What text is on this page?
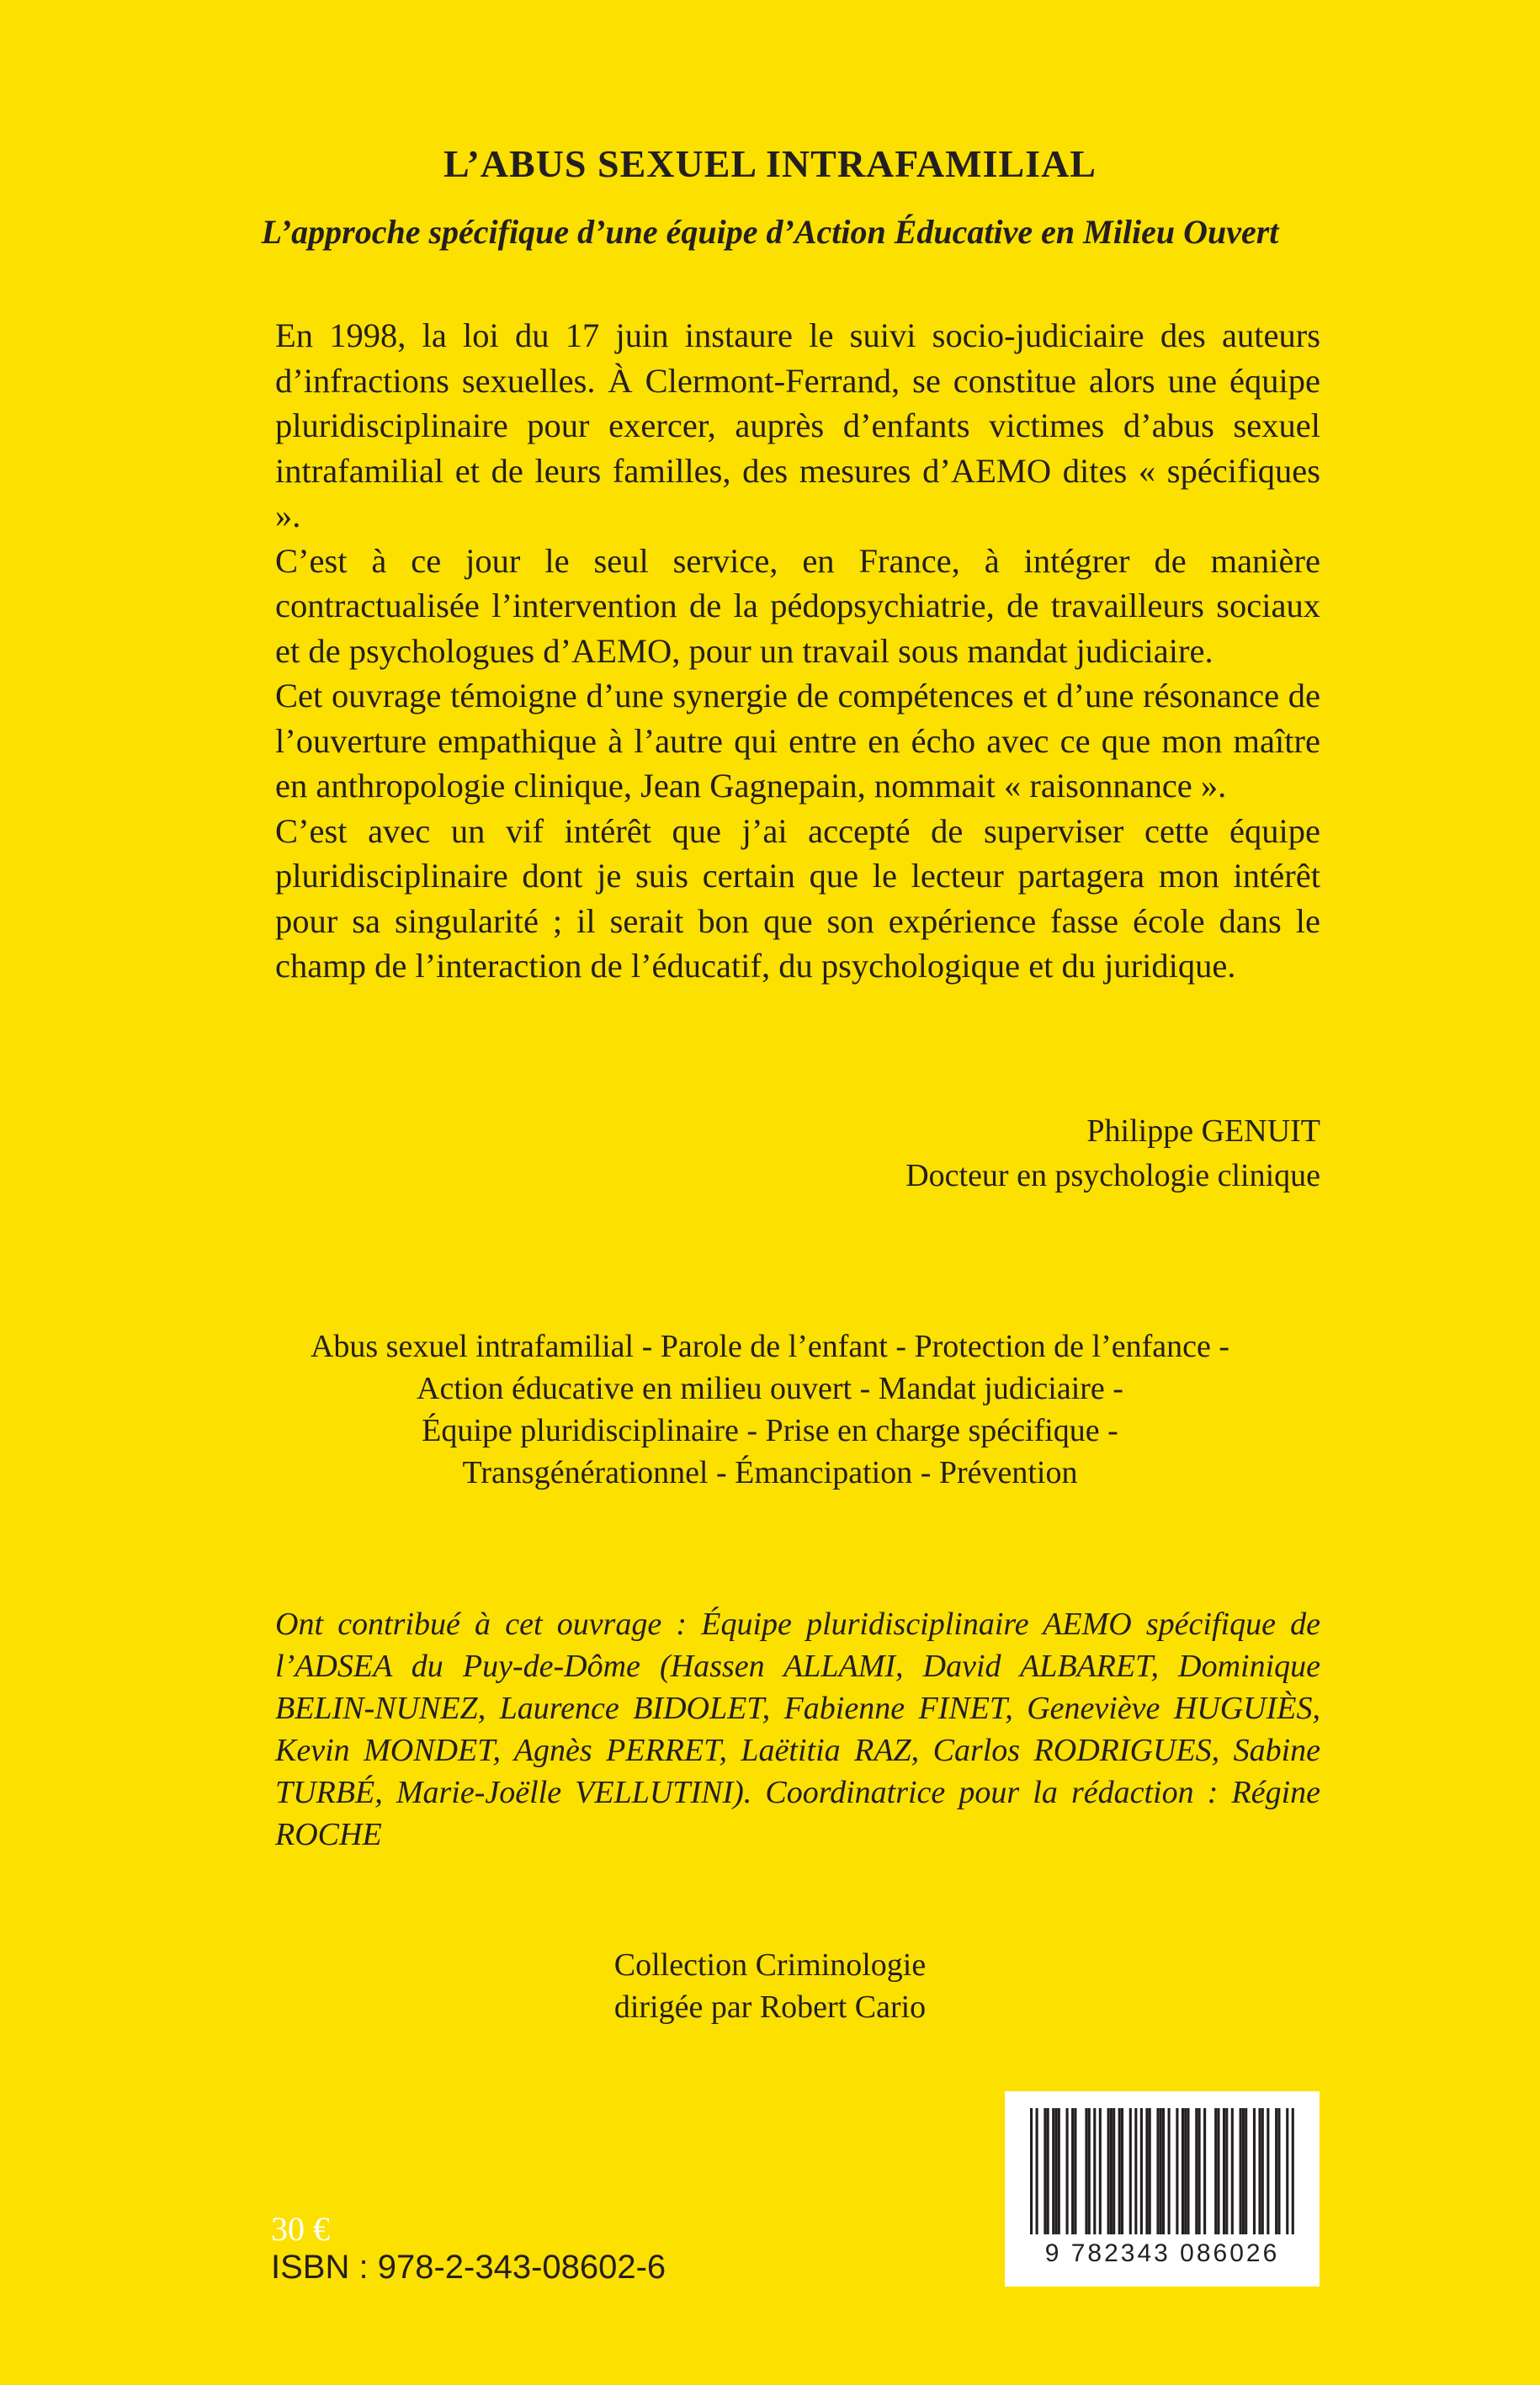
L’ABUS SEXUEL INTRAFAMILIAL
L’approche spécifique d’une équipe d’Action Éducative en Milieu Ouvert

En 1998, la loi du 17 juin instaure le suivi socio-judiciaire des auteurs d’infractions sexuelles. À Clermont-Ferrand, se constitue alors une équipe pluridisciplinaire pour exercer, auprès d’enfants victimes d’abus sexuel intrafamilial et de leurs familles, des mesures d’AEMO dites « spécifiques ».

C’est à ce jour le seul service, en France, à intégrer de manière contractualisée l’intervention de la pédopsychiatrie, de travailleurs sociaux et de psychologues d’AEMO, pour un travail sous mandat judiciaire.

Cet ouvrage témoigne d’une synergie de compétences et d’une résonance de l’ouverture empathique à l’autre qui entre en écho avec ce que mon maître en anthropologie clinique, Jean Gagnepain, nommait « raisonnance ».

C’est avec un vif intérêt que j’ai accepté de superviser cette équipe pluridisciplinaire dont je suis certain que le lecteur partagera mon intérêt pour sa singularité ; il serait bon que son expérience fasse école dans le champ de l’interaction de l’éducatif, du psychologique et du juridique.

Philippe GENUIT
Docteur en psychologie clinique
Abus sexuel intrafamilial - Parole de l’enfant - Protection de l’enfance -
Action éducative en milieu ouvert - Mandat judiciaire -
Équipe pluridisciplinaire - Prise en charge spécifique -
Transgénérationnel - Émancipation - Prévention
Ont contribué à cet ouvrage : Équipe pluridisciplinaire AEMO spécifique de l’ADSEA du Puy-de-Dôme (Hassen ALLAMI, David ALBARET, Dominique BELIN-NUNEZ, Laurence BIDOLET, Fabienne FINET, Geneviève HUGUIÈS, Kevin MONDET, Agnès PERRET, Laëtitia RAZ, Carlos RODRIGUES, Sabine TURBÉ, Marie-Joëlle VELLUTINI). Coordinatrice pour la rédaction : Régine ROCHE
Collection Criminologie
dirigée par Robert Cario
30 €
ISBN : 978-2-343-08602-6	9 782343 086026
